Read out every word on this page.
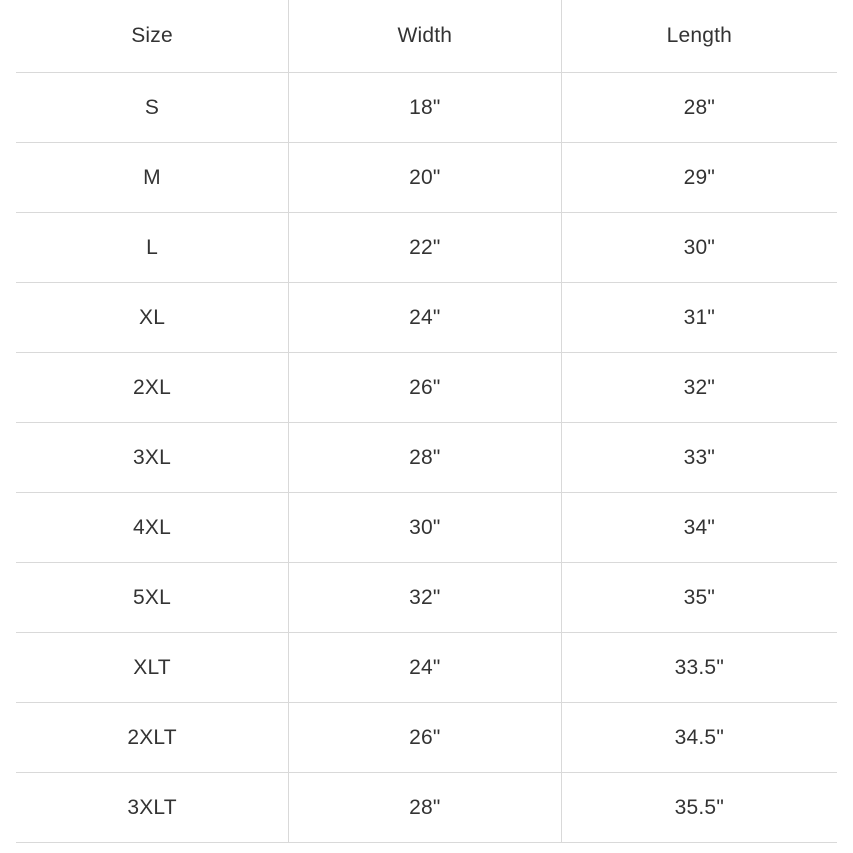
Size	Width	Length
S	18"	28"
M	20"	29"
L	22"	30"
XL	24"	31"
2XL	26"	32"
3XL	28"	33"
4XL	30"	34"
5XL	32"	35"
XLT	24"	33.5"
2XLT	26"	34.5"
3XLT	28"	35.5"
